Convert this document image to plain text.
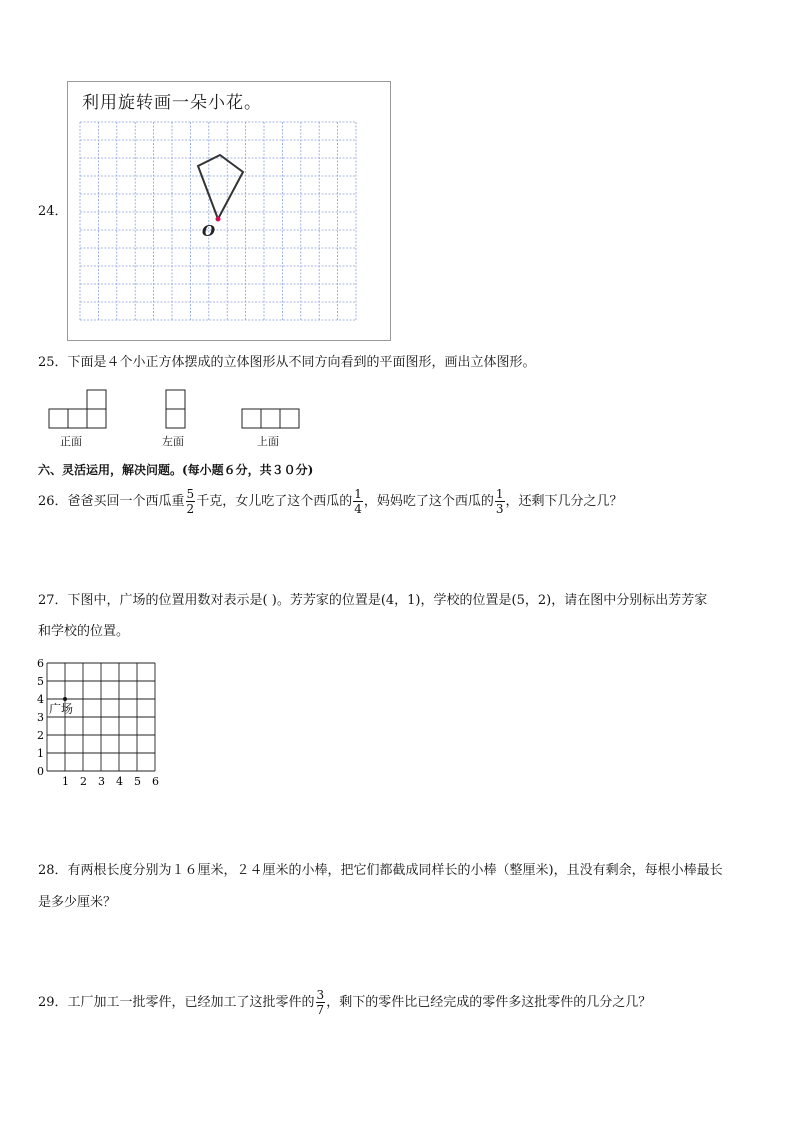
24．
利用旋转画一朵小花。
O
25．下面是４个小正方体摆成的立体图形从不同方向看到的平面图形，画出立体图形。
正面	左面	上面
六、灵活运用，解决问题。(每小题６分，共３０分)
26．爸爸买回一个西瓜重 $\frac{5}{2}$ 千克，女儿吃了这个西瓜的 $\frac{1}{4}$ ，妈妈吃了这个西瓜的 $\frac{1}{3}$ ，还剩下几分之几？
27．下图中，广场的位置用数对表示是( )。芳芳家的位置是(4，1)，学校的位置是(5，2)，请在图中分别标出芳芳家
和学校的位置。
6
5
4
3
2
1
0
1 2 3 4 5 6
广场
28．有两根长度分别为１６厘米，２４厘米的小棒，把它们都截成同样长的小棒（整厘米)，且没有剩余，每根小棒最长
是多少厘米？
29．工厂加工一批零件，已经加工了这批零件的 $\frac{3}{7}$ ，剩下的零件比已经完成的零件多这批零件的几分之几？
